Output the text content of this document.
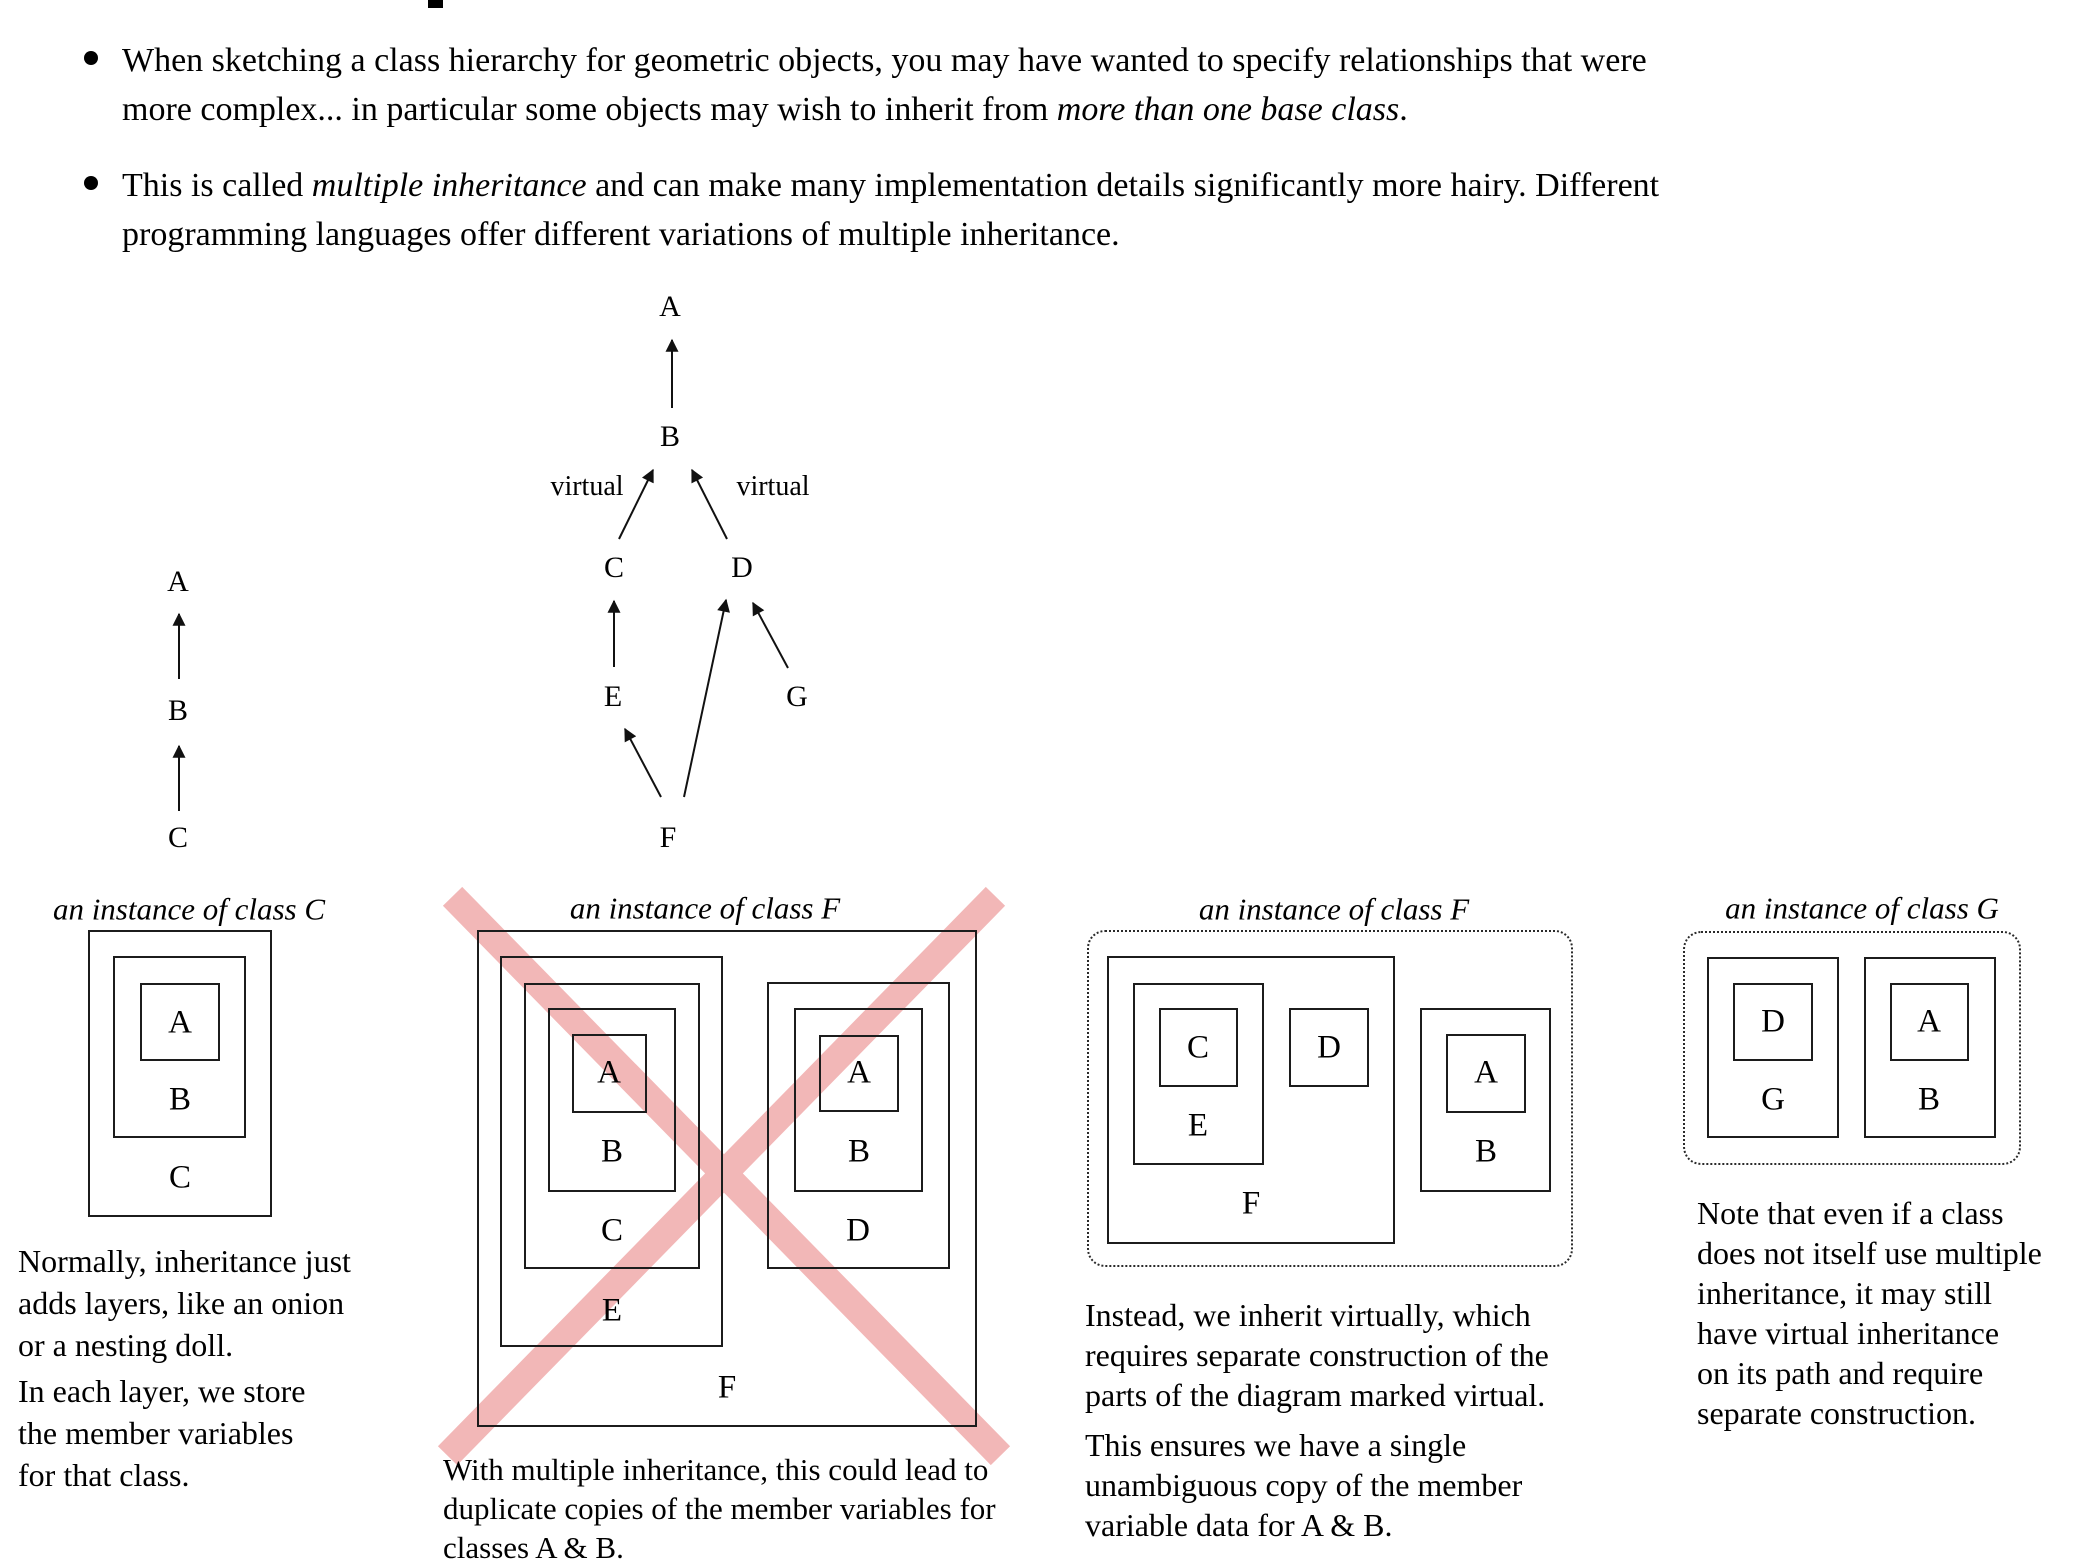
When sketching a class hierarchy for geometric objects, you may have wanted to specify relationships that were
more complex... in particular some objects may wish to inherit from more than one base class.
This is called multiple inheritance and can make many implementation details significantly more hairy. Different
programming languages offer different variations of multiple inheritance.
A
B
C
A
B
C	D
E	G
F
virtual	virtual
an instance of class C
A
B
C
Normally, inheritance just
adds layers, like an onion
or a nesting doll.
In each layer, we store
the member variables
for that class.
an instance of class F
A
B
C
E
F
A
B
D
With multiple inheritance, this could lead to
duplicate copies of the member variables for
classes A & B.
an instance of class F
C	D
E
F
A
B
Instead, we inherit virtually, which
requires separate construction of the
parts of the diagram marked virtual.
This ensures we have a single
unambiguous copy of the member
variable data for A & B.
an instance of class G
D
G
A
B
Note that even if a class
does not itself use multiple
inheritance, it may still
have virtual inheritance
on its path and require
separate construction.
